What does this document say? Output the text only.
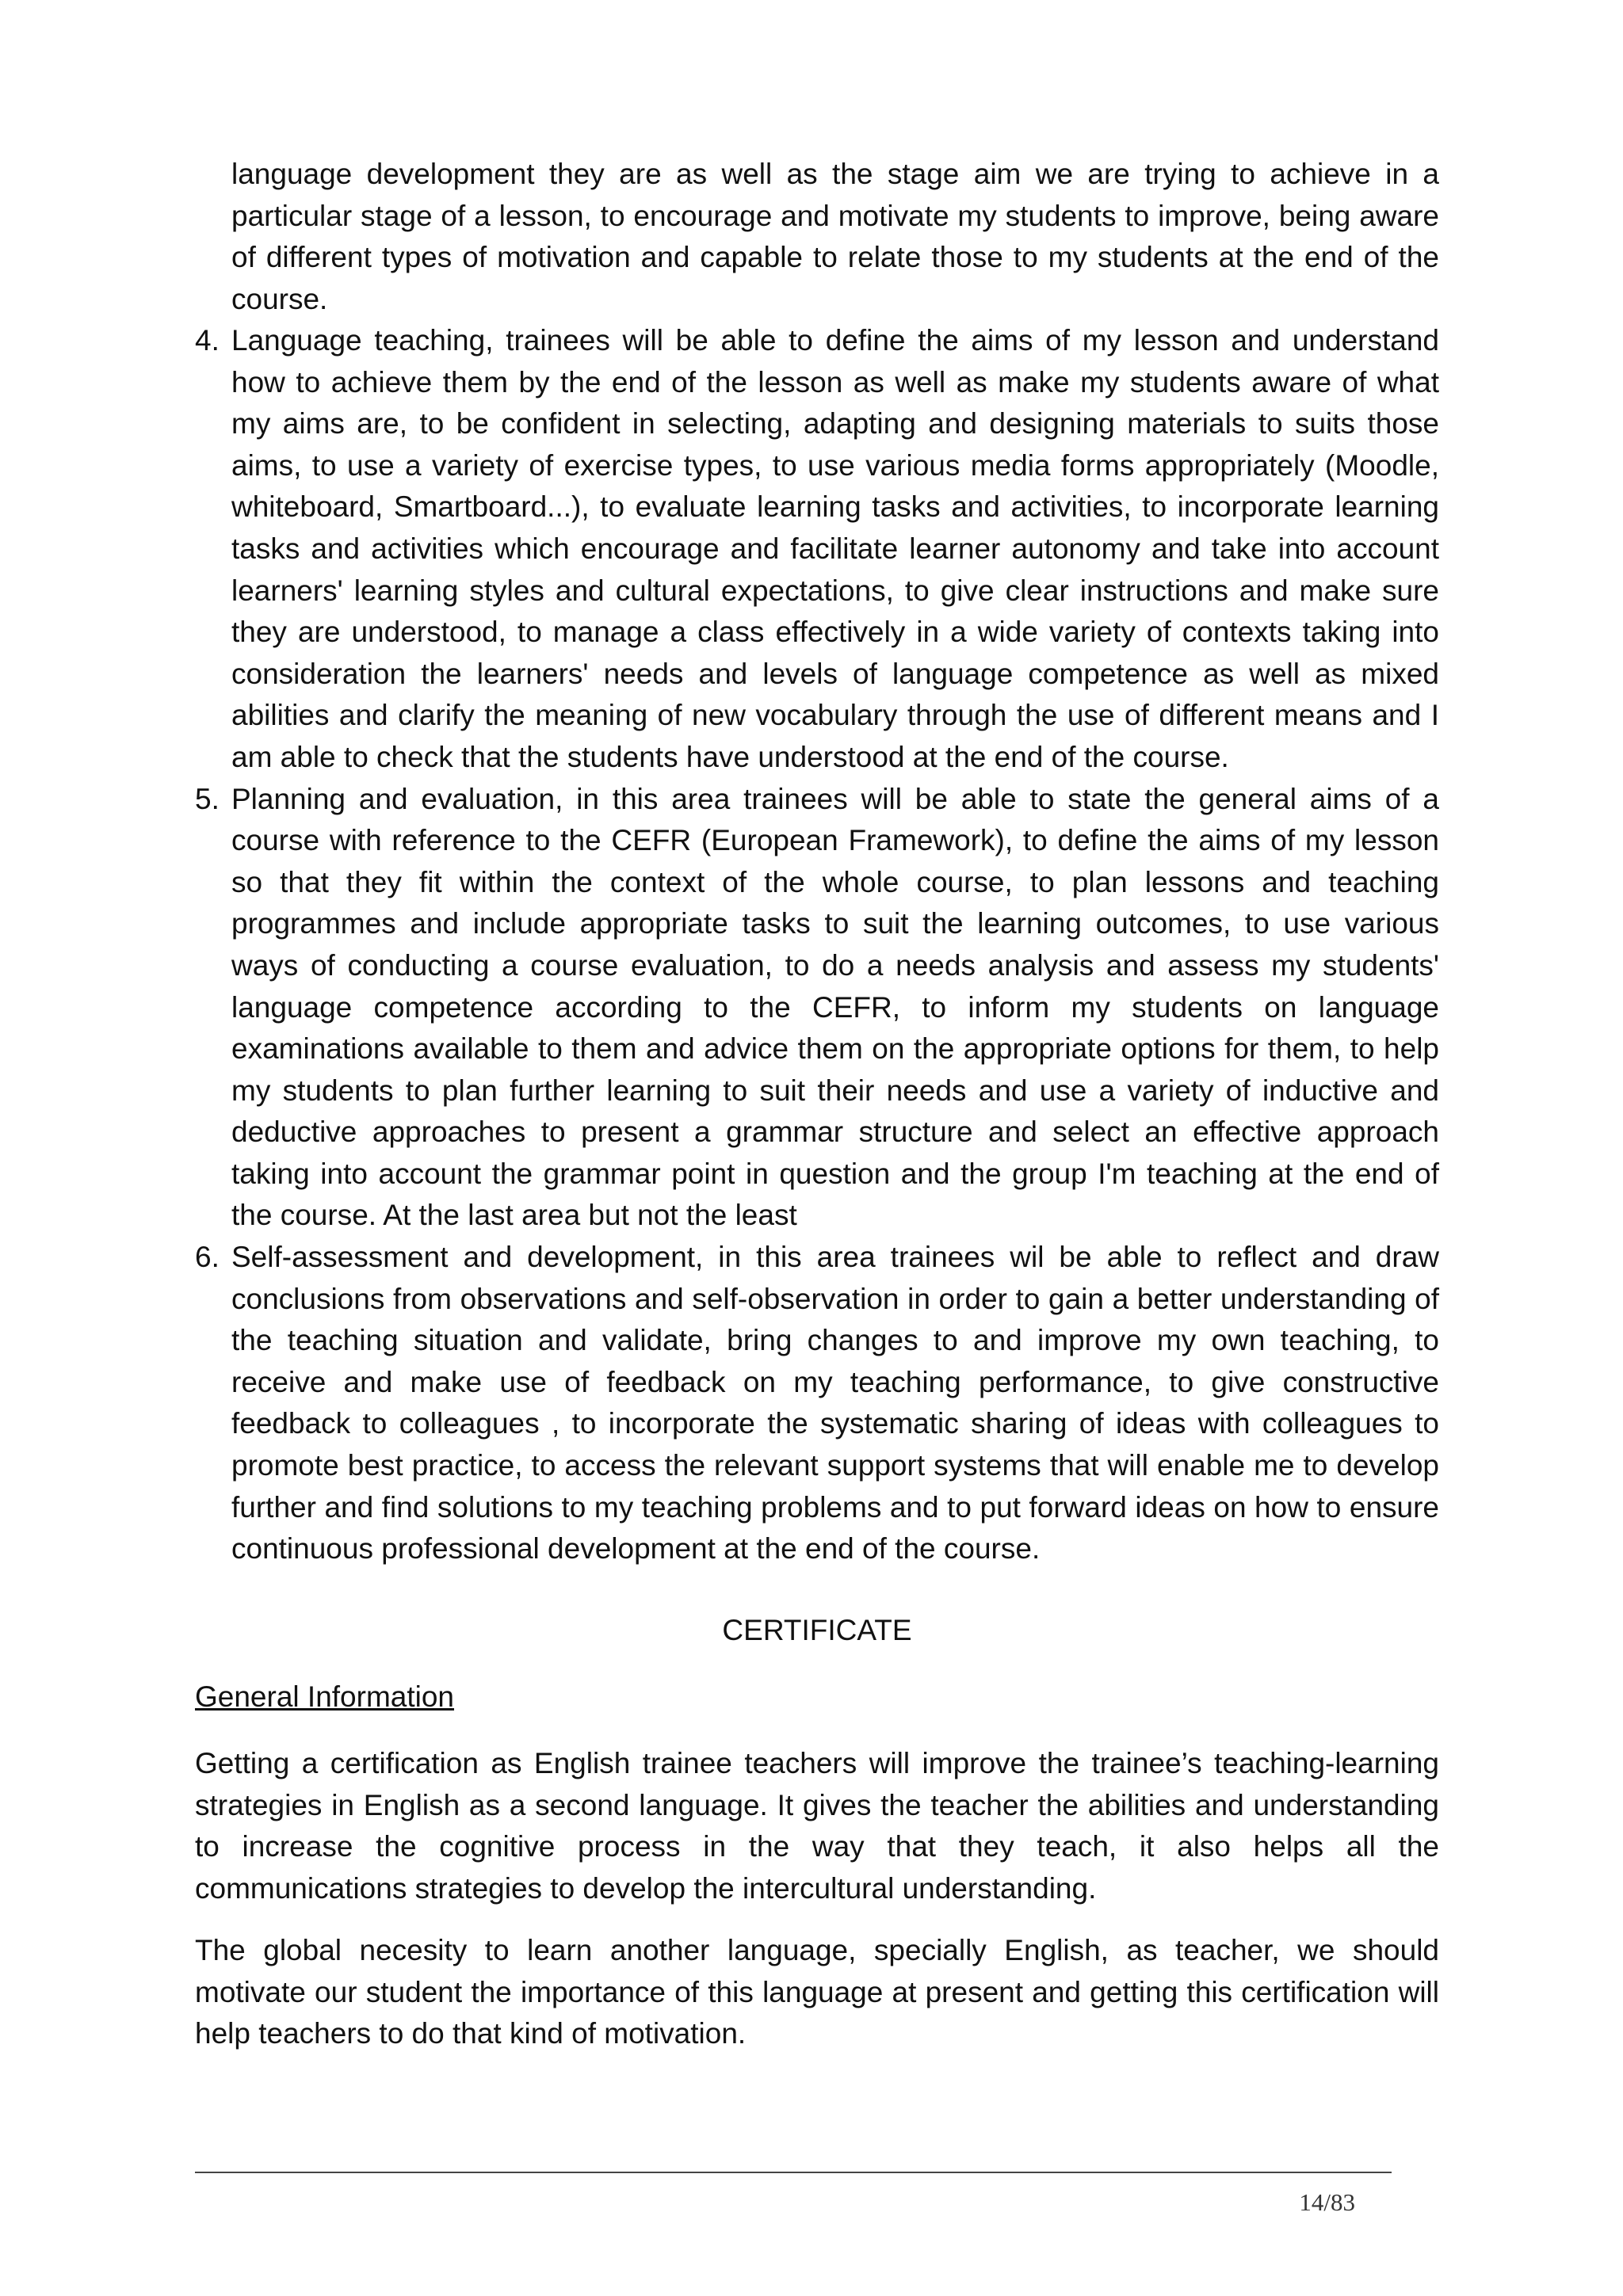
language development they are as well as the stage aim we are trying to achieve in a particular stage of a lesson, to encourage and motivate my students to improve, being aware of different types of motivation and capable to relate those to my students at the end of the course.

4. Language teaching, trainees will be able to define the aims of my lesson and understand how to achieve them by the end of the lesson as well as make my students aware of what my aims are, to be confident in selecting, adapting and designing materials to suits those aims, to use a variety of exercise types, to use various media forms appropriately (Moodle, whiteboard, Smartboard...), to evaluate learning tasks and activities, to incorporate learning tasks and activities which encourage and facilitate learner autonomy and take into account learners' learning styles and cultural expectations, to give clear instructions and make sure they are understood, to manage a class effectively in a wide variety of contexts taking into consideration the learners' needs and levels of language competence as well as mixed abilities and clarify the meaning of new vocabulary through the use of different means and I am able to check that the students have understood at the end of the course.
5. Planning and evaluation, in this area trainees will be able to state the general aims of a course with reference to the CEFR (European Framework), to define the aims of my lesson so that they fit within the context of the whole course, to plan lessons and teaching programmes and include appropriate tasks to suit the learning outcomes, to use various ways of conducting a course evaluation, to do a needs analysis and assess my students' language competence according to the CEFR, to inform my students on language examinations available to them and advice them on the appropriate options for them, to help my students to plan further learning to suit their needs and use a variety of inductive and deductive approaches to present a grammar structure and select an effective approach taking into account the grammar point in question and the group I'm teaching at the end of the course. At the last area but not the least
6. Self-assessment and development, in this area trainees wil be able to reflect and draw conclusions from observations and self-observation in order to gain a better understanding of the teaching situation and validate, bring changes to and improve my own teaching, to receive and make use of feedback on my teaching performance, to give constructive feedback to colleagues , to incorporate the systematic sharing of ideas with colleagues to promote best practice, to access the relevant support systems that will enable me to develop further and find solutions to my teaching problems and to put forward ideas on how to ensure continuous professional development at the end of the course.
CERTIFICATE
General Information

Getting a certification as English trainee teachers will improve the trainee’s teaching-learning strategies in English as a second language. It gives the teacher the abilities and understanding to increase the cognitive process in the way that they teach, it also helps all the communications strategies to develop the intercultural understanding.

The global necesity to learn another language, specially English, as teacher, we should motivate our student the importance of this language at present and getting this certification will help teachers to do that kind of motivation.

14/83
